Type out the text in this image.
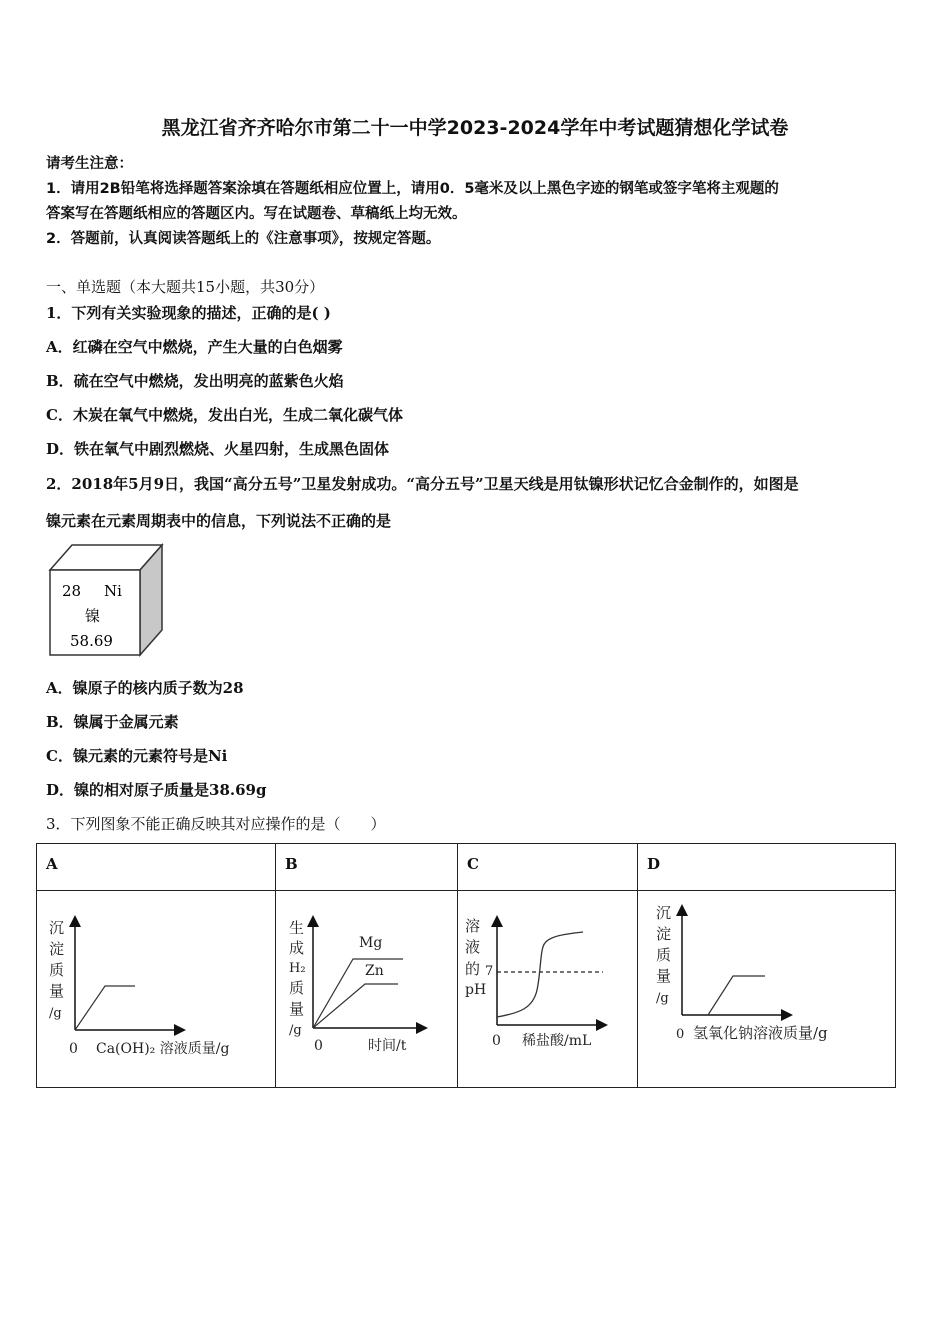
黑龙江省齐齐哈尔市第二十一中学2023-2024学年中考试题猜想化学试卷
请考生注意：
1．请用2B铅笔将选择题答案涂填在答题纸相应位置上，请用0．5毫米及以上黑色字迹的钢笔或签字笔将主观题的
答案写在答题纸相应的答题区内。写在试题卷、草稿纸上均无效。
2．答题前，认真阅读答题纸上的《注意事项》，按规定答题。
一、单选题（本大题共15小题，共30分）
1．下列有关实验现象的描述，正确的是( )
A．红磷在空气中燃烧，产生大量的白色烟雾
B．硫在空气中燃烧，发出明亮的蓝紫色火焰
C．木炭在氧气中燃烧，发出白光，生成二氧化碳气体
D．铁在氧气中剧烈燃烧、火星四射，生成黑色固体
2．2018年5月9日，我国“高分五号”卫星发射成功。“高分五号”卫星天线是用钛镍形状记忆合金制作的，如图是
镍元素在元素周期表中的信息，下列说法不正确的是
28 Ni
镍
58.69
A．镍原子的核内质子数为28
B．镍属于金属元素
C．镍元素的元素符号是Ni
D．镍的相对原子质量是38.69g
3．下列图象不能正确反映其对应操作的是（　　）
A	B	C	D
沉
淀
质
量
/g
0 Ca(OH)₂ 溶液质量/g
Mg
Zn
生
成
H₂
质
量
/g
0	时间/t
溶
液
的
pH
7
0 稀盐酸/mL
沉
淀
质
量
/g
0 氢氧化钠溶液质量/g
